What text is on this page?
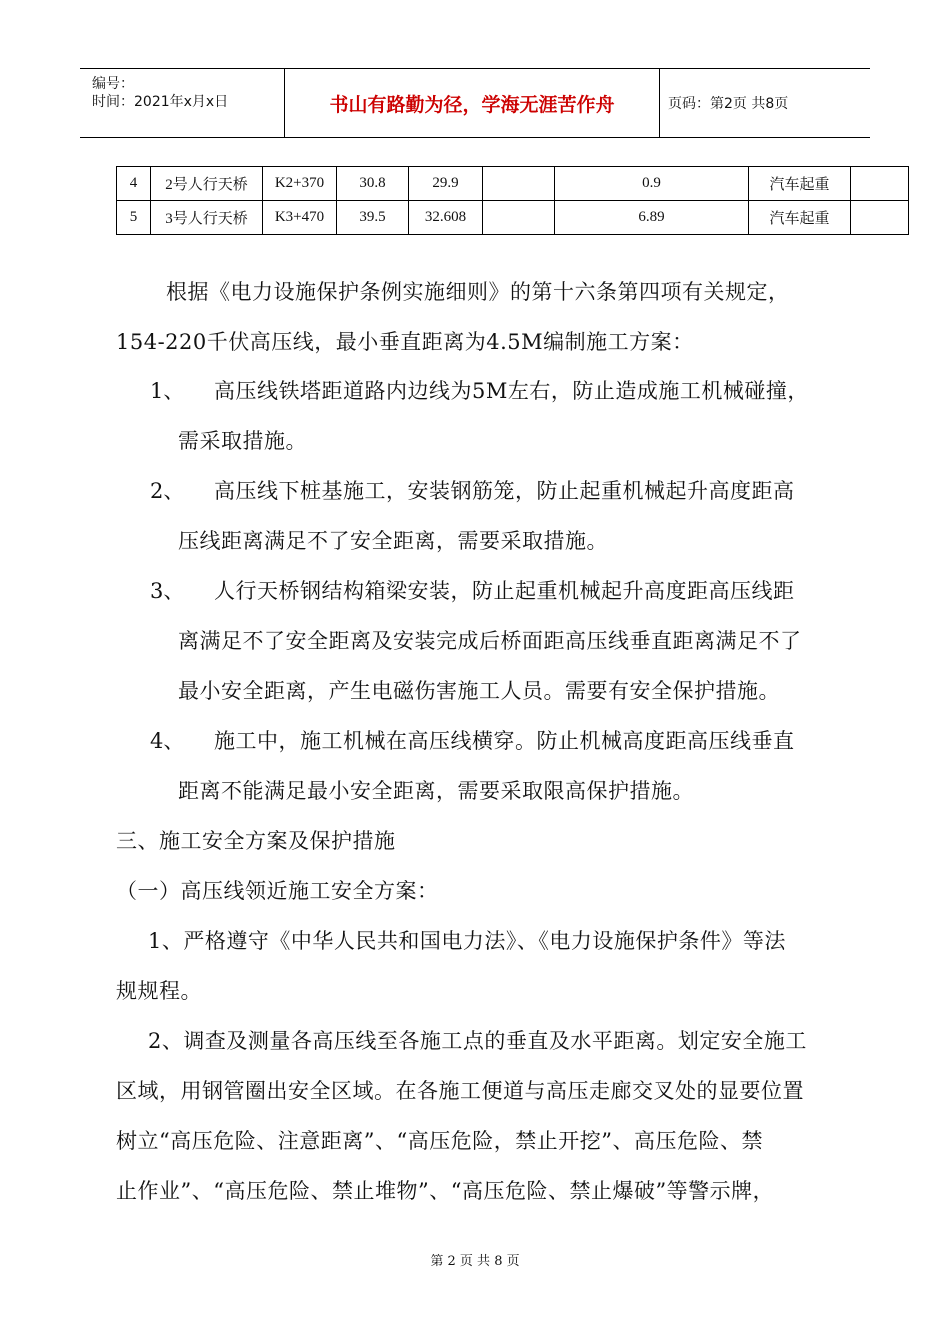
编号：
时间：2021年x月x日	书山有路勤为径，学海无涯苦作舟	页码：第2页 共8页
4	2号人行天桥	K2+370	30.8	29.9		0.9	汽车起重	
5	3号人行天桥	K3+470	39.5	32.608		6.89	汽车起重	
根据《电力设施保护条例实施细则》的第十六条第四项有关规定，
154-220千伏高压线，最小垂直距离为4.5M编制施工方案：
1、 高压线铁塔距道路内边线为5M左右，防止造成施工机械碰撞，
需采取措施。
2、 高压线下桩基施工，安装钢筋笼，防止起重机械起升高度距高
压线距离满足不了安全距离，需要采取措施。
3、 人行天桥钢结构箱梁安装，防止起重机械起升高度距高压线距
离满足不了安全距离及安装完成后桥面距高压线垂直距离满足不了
最小安全距离，产生电磁伤害施工人员。需要有安全保护措施。
4、 施工中，施工机械在高压线横穿。防止机械高度距高压线垂直
距离不能满足最小安全距离，需要采取限高保护措施。
三、施工安全方案及保护措施
（一）高压线领近施工安全方案：
1、严格遵守《中华人民共和国电力法》、《电力设施保护条件》等法
规规程。
2、调查及测量各高压线至各施工点的垂直及水平距离。划定安全施工
区域，用钢管圈出安全区域。在各施工便道与高压走廊交叉处的显要位置
树立“高压危险、注意距离”、“高压危险，禁止开挖”、高压危险、禁
止作业”、“高压危险、禁止堆物”、“高压危险、禁止爆破”等警示牌，
第 2 页 共 8 页
